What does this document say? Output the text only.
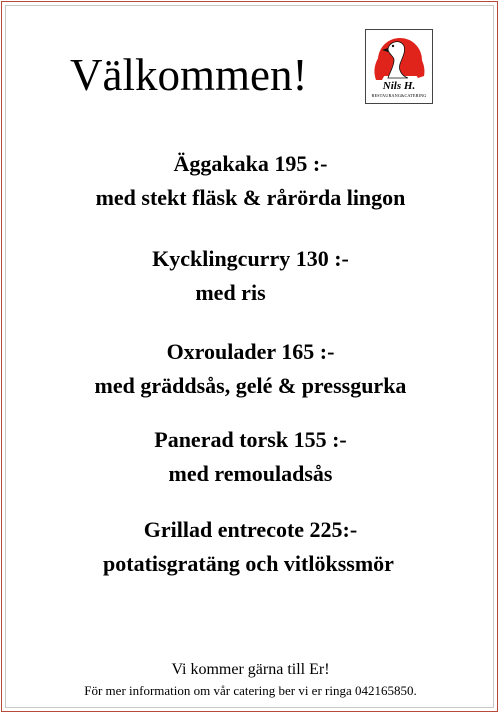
Välkommen!	Nils H.
RESTAURANG&CATERING
Äggakaka 195 :-
med stekt fläsk & rårörda lingon
Kycklingcurry 130 :-
med ris
Oxroulader 165 :-
med gräddsås, gelé & pressgurka
Panerad torsk 155 :-
med remouladsås
Grillad entrecote 225:-
potatisgratäng och vitlökssmör
Vi kommer gärna till Er!
För mer information om vår catering ber vi er ringa 042165850.
